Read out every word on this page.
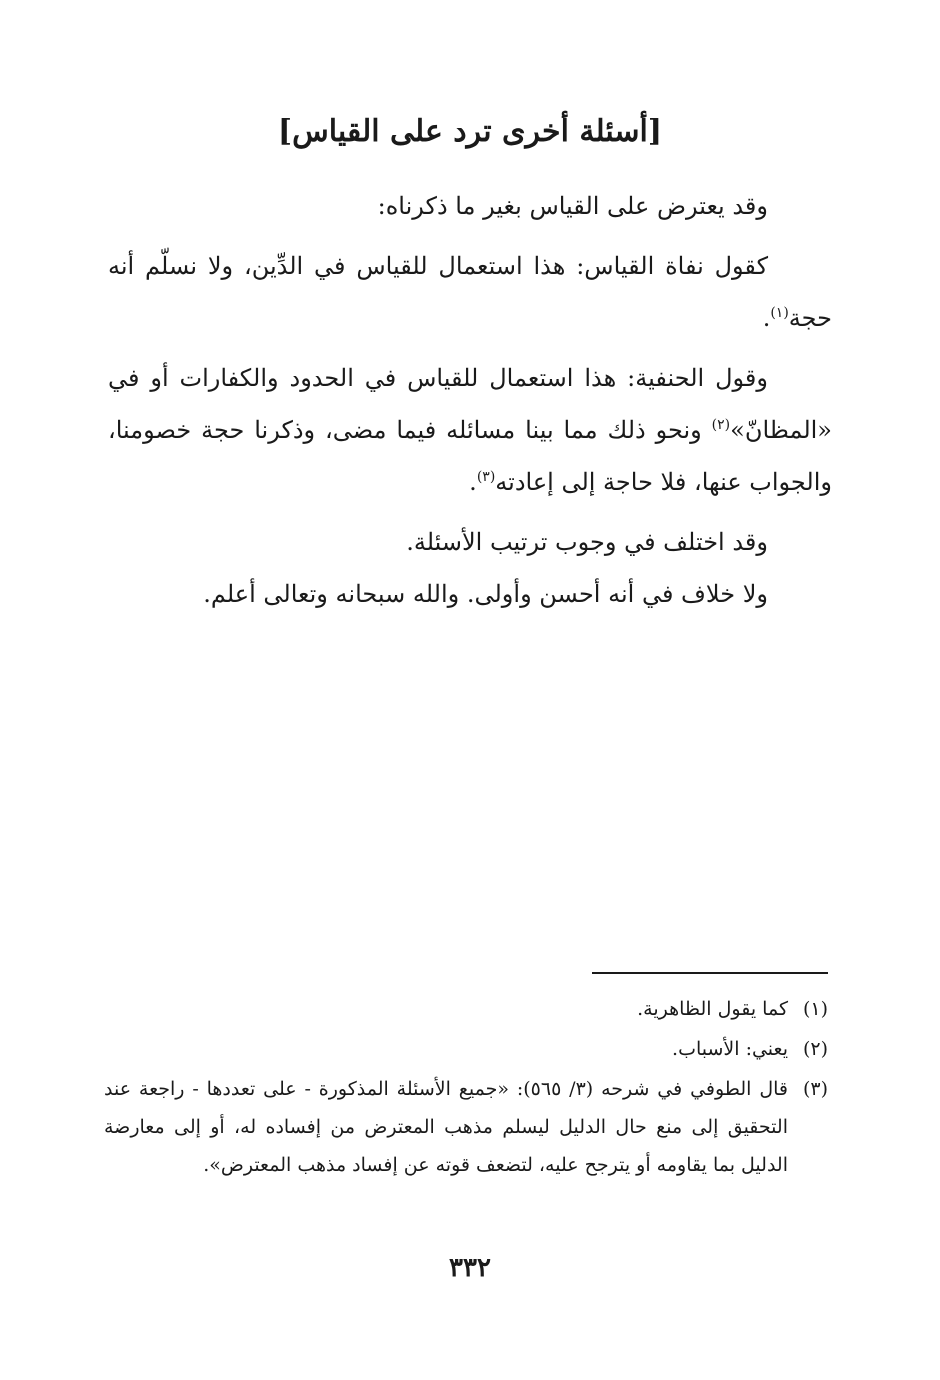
[أسئلة أخرى ترد على القياس]

وقد يعترض على القياس بغير ما ذكرناه:

كقول نفاة القياس: هذا استعمال للقياس في الدِّين، ولا نسلّم أنه حجة$^{(١)}$.

وقول الحنفية: هذا استعمال للقياس في الحدود والكفارات أو في «المظانّ»$^{(٢)}$ ونحو ذلك مما بينا مسائله فيما مضى، وذكرنا حجة خصومنا، والجواب عنها، فلا حاجة إلى إعادته$^{(٣)}$.

وقد اختلف في وجوب ترتيب الأسئلة.

ولا خلاف في أنه أحسن وأولى. والله سبحانه وتعالى أعلم.

(١)كما يقول الظاهرية.
(٢)يعني: الأسباب.
(٣)قال الطوفي في شرحه (٣/ ٥٦٥): «جميع الأسئلة المذكورة - على تعددها - راجعة عند التحقيق إلى منع حال الدليل ليسلم مذهب المعترض من إفساده له، أو إلى معارضة الدليل بما يقاومه أو يترجح عليه، لتضعف قوته عن إفساد مذهب المعترض».
٣٣٢
